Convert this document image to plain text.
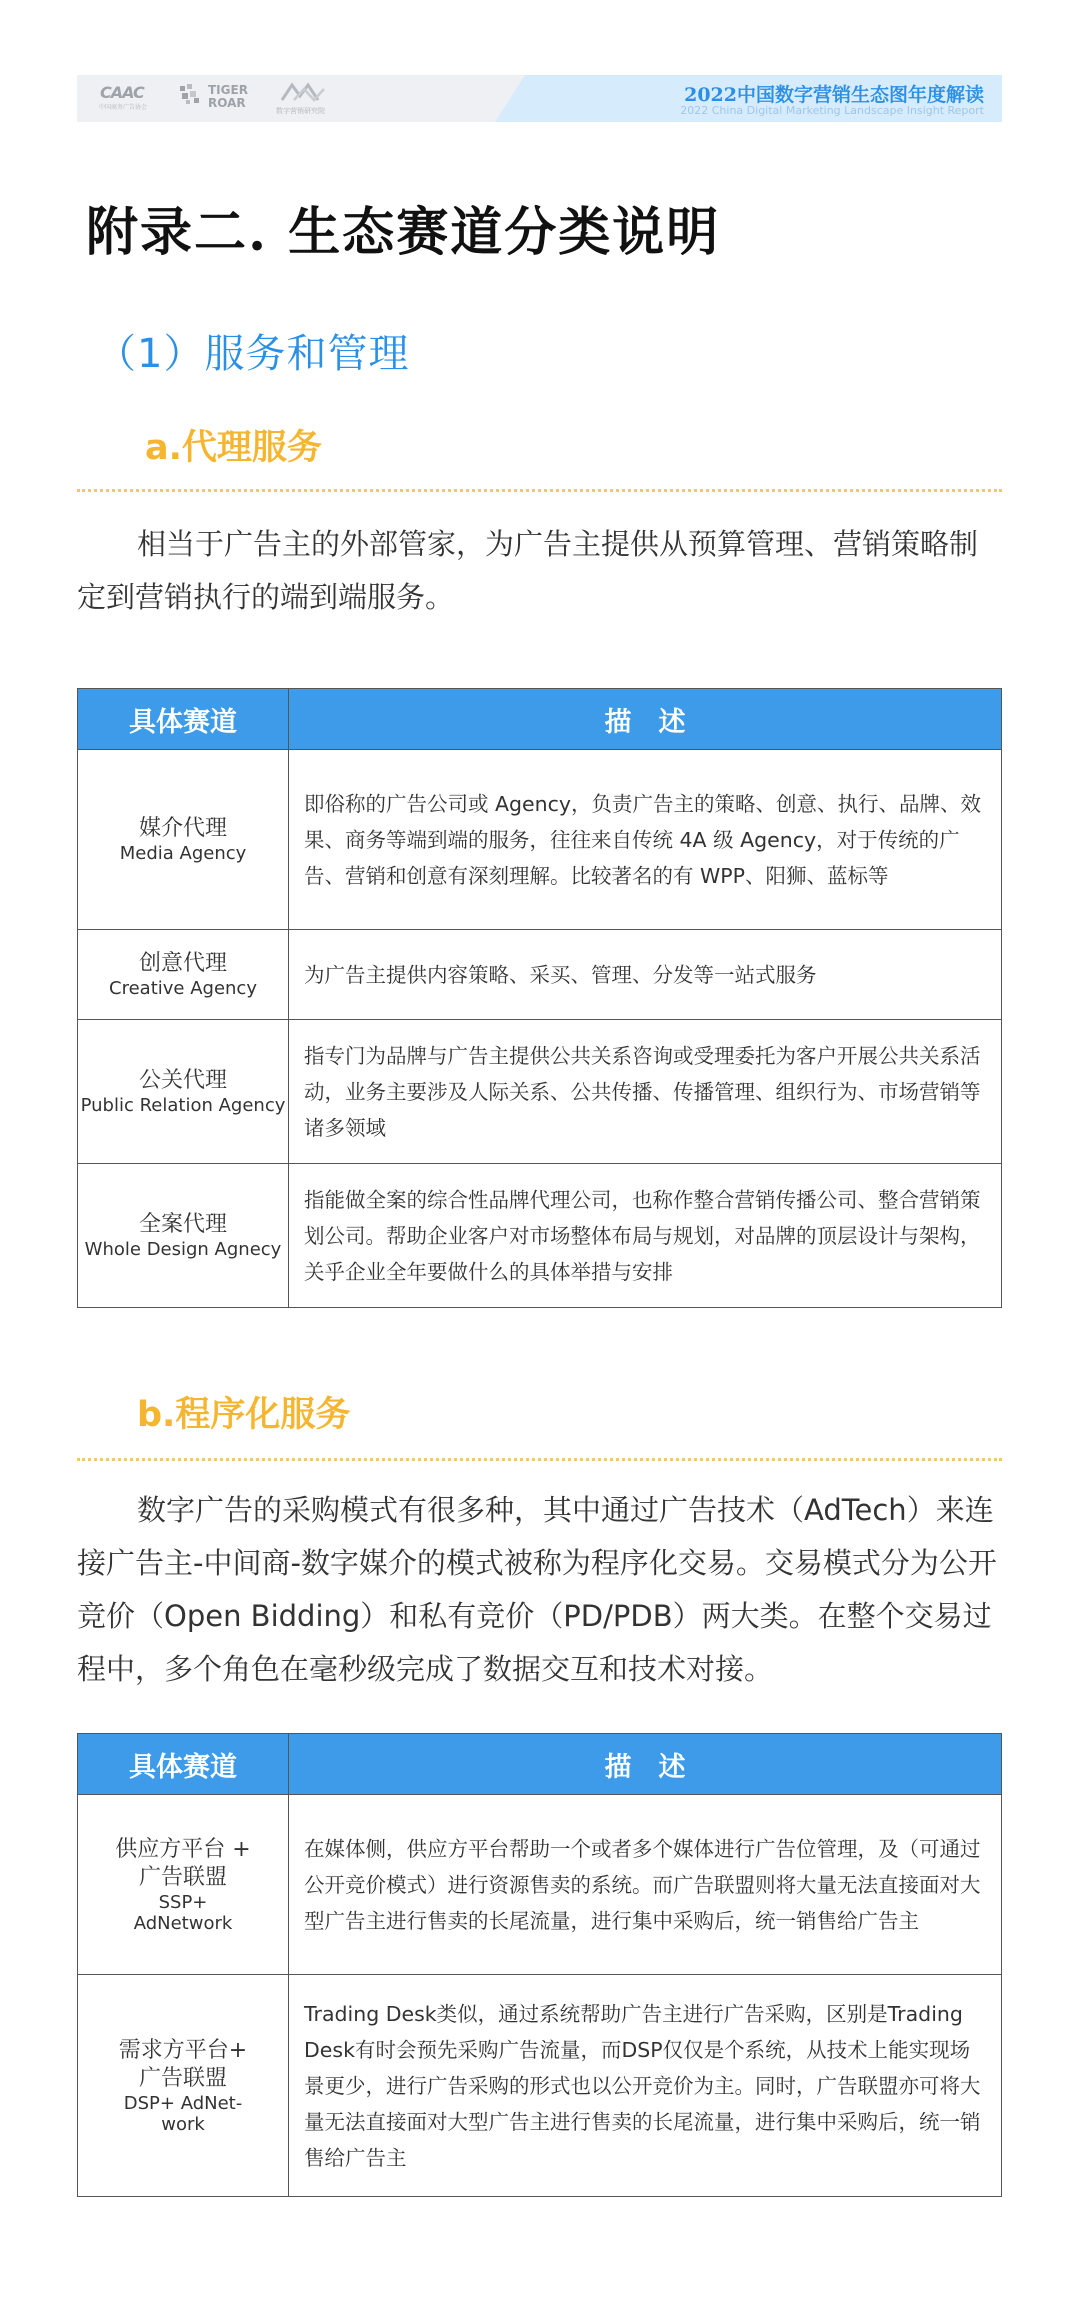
CAAC
中国商务广告协会
TIGER ROAR
数字营销研究院
2022中国数字营销生态图年度解读
2022 China Digital Marketing Landscape Insight Report
附录二. 生态赛道分类说明
（1）服务和管理
a.代理服务
相当于广告主的外部管家，为广告主提供从预算管理、营销策略制定到营销执行的端到端服务。
具体赛道	描　述

媒介代理
Media Agency	即俗称的广告公司或 Agency，负责广告主的策略、创意、执行、品牌、效果、商务等端到端的服务，往往来自传统 4A 级 Agency，对于传统的广告、营销和创意有深刻理解。比较著名的有 WPP、阳狮、蓝标等

创意代理
Creative Agency	为广告主提供内容策略、采买、管理、分发等一站式服务

公关代理
Public Relation Agency	指专门为品牌与广告主提供公共关系咨询或受理委托为客户开展公共关系活动，业务主要涉及人际关系、公共传播、传播管理、组织行为、市场营销等诸多领域

全案代理
Whole Design Agnecy	指能做全案的综合性品牌代理公司，也称作整合营销传播公司、整合营销策划公司。帮助企业客户对市场整体布局与规划，对品牌的顶层设计与架构，关乎企业全年要做什么的具体举措与安排
b.程序化服务
数字广告的采购模式有很多种，其中通过广告技术（AdTech）来连接广告主-中间商-数字媒介的模式被称为程序化交易。交易模式分为公开竞价（Open Bidding）和私有竞价（PD/PDB）两大类。在整个交易过程中，多个角色在毫秒级完成了数据交互和技术对接。
具体赛道	描　述

供应方平台 + 广告联盟
SSP+ AdNetwork	在媒体侧，供应方平台帮助一个或者多个媒体进行广告位管理，及（可通过公开竞价模式）进行资源售卖的系统。而广告联盟则将大量无法直接面对大型广告主进行售卖的长尾流量，进行集中采购后，统一销售给广告主

需求方平台+ 广告联盟
DSP+ AdNet-work	Trading Desk类似，通过系统帮助广告主进行广告采购，区别是Trading Desk有时会预先采购广告流量，而DSP仅仅是个系统，从技术上能实现场景更少，进行广告采购的形式也以公开竞价为主。同时，广告联盟亦可将大量无法直接面对大型广告主进行售卖的长尾流量，进行集中采购后，统一销售给广告主
